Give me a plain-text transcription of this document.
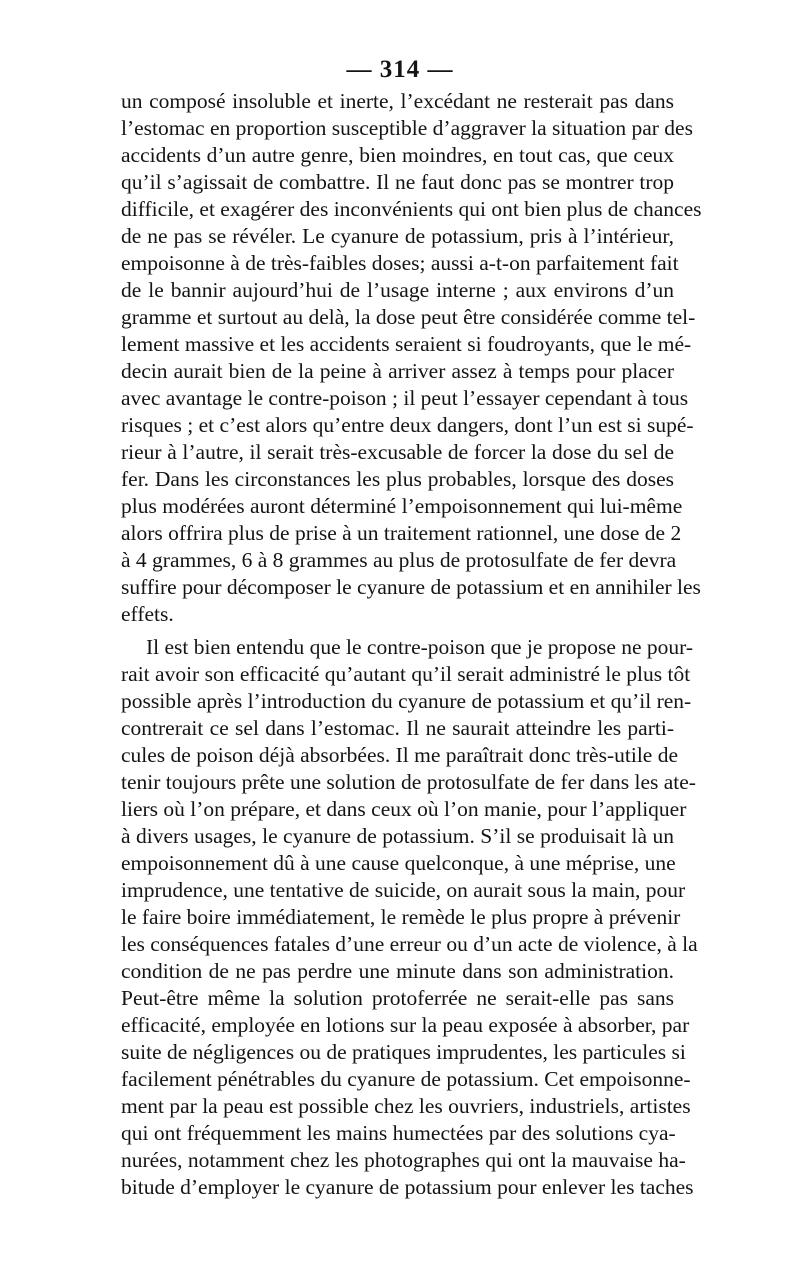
— 314 —
un composé insoluble et inerte, l’excédant ne resterait pas dans
l’estomac en proportion susceptible d’aggraver la situation par des
accidents d’un autre genre, bien moindres, en tout cas, que ceux
qu’il s’agissait de combattre. Il ne faut donc pas se montrer trop
difficile, et exagérer des inconvénients qui ont bien plus de chances
de ne pas se révéler. Le cyanure de potassium, pris à l’intérieur,
empoisonne à de très-faibles doses; aussi a-t-on parfaitement fait
de le bannir aujourd’hui de l’usage interne ; aux environs d’un
gramme et surtout au delà, la dose peut être considérée comme tel-
lement massive et les accidents seraient si foudroyants, que le mé-
decin aurait bien de la peine à arriver assez à temps pour placer
avec avantage le contre-poison ; il peut l’essayer cependant à tous
risques ; et c’est alors qu’entre deux dangers, dont l’un est si supé-
rieur à l’autre, il serait très-excusable de forcer la dose du sel de
fer. Dans les circonstances les plus probables, lorsque des doses
plus modérées auront déterminé l’empoisonnement qui lui-même
alors offrira plus de prise à un traitement rationnel, une dose de 2
à 4 grammes, 6 à 8 grammes au plus de protosulfate de fer devra
suffire pour décomposer le cyanure de potassium et en annihiler les
effets.
Il est bien entendu que le contre-poison que je propose ne pour-
rait avoir son efficacité qu’autant qu’il serait administré le plus tôt
possible après l’introduction du cyanure de potassium et qu’il ren-
contrerait ce sel dans l’estomac. Il ne saurait atteindre les parti-
cules de poison déjà absorbées. Il me paraîtrait donc très-utile de
tenir toujours prête une solution de protosulfate de fer dans les ate-
liers où l’on prépare, et dans ceux où l’on manie, pour l’appliquer
à divers usages, le cyanure de potassium. S’il se produisait là un
empoisonnement dû à une cause quelconque, à une méprise, une
imprudence, une tentative de suicide, on aurait sous la main, pour
le faire boire immédiatement, le remède le plus propre à prévenir
les conséquences fatales d’une erreur ou d’un acte de violence, à la
condition de ne pas perdre une minute dans son administration.
Peut-être même la solution protoferrée ne serait-elle pas sans
efficacité, employée en lotions sur la peau exposée à absorber, par
suite de négligences ou de pratiques imprudentes, les particules si
facilement pénétrables du cyanure de potassium. Cet empoisonne-
ment par la peau est possible chez les ouvriers, industriels, artistes
qui ont fréquemment les mains humectées par des solutions cya-
nurées, notamment chez les photographes qui ont la mauvaise ha-
bitude d’employer le cyanure de potassium pour enlever les taches
